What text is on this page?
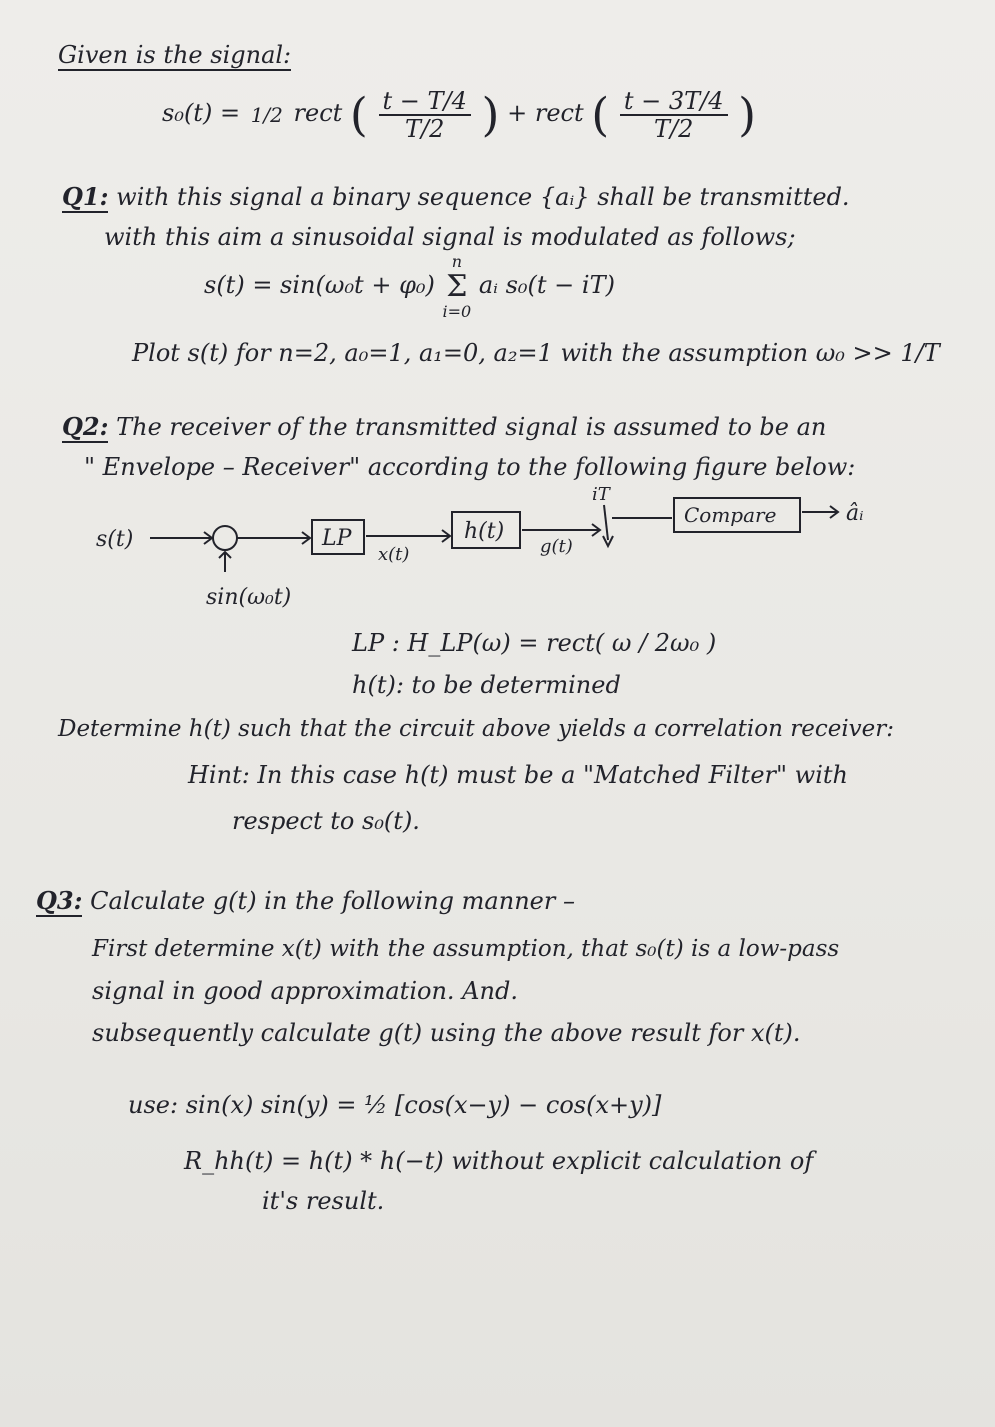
Given is the signal:
s₀(t) = 1/2 rect ( $\frac{t - T/4}{T/2}$ ) + rect ( $\frac{t - 3T/4}{T/2}$ )
Q1: with this signal a binary sequence {aᵢ} shall be transmitted.
with this aim a sinusoidal signal is modulated as follows;
s(t) = sin(ω₀t + φ₀)
n
Σ
i=0
aᵢ s₀(t − iT)
Plot s(t) for n=2, a₀=1, a₁=0, a₂=1 with the assumption ω₀ >> 1/T
Q2: The receiver of the transmitted signal is assumed to be an
" Envelope – Receiver" according to the following figure below:
s(t)
sin(ω₀t)
LP
x(t)
h(t)
g(t)
iT
Compare	âᵢ
LP : H_LP(ω) = rect( ω / 2ω₀ )
h(t): to be determined
Determine h(t) such that the circuit above yields a correlation receiver:
Hint: In this case h(t) must be a "Matched Filter" with
respect to s₀(t).
Q3: Calculate g(t) in the following manner –
First determine x(t) with the assumption, that s₀(t) is a low-pass
signal in good approximation. And.
subsequently calculate g(t) using the above result for x(t).
use: sin(x) sin(y) = ½ [cos(x−y) − cos(x+y)]
R_hh(t) = h(t) * h(−t) without explicit calculation of
it's result.
